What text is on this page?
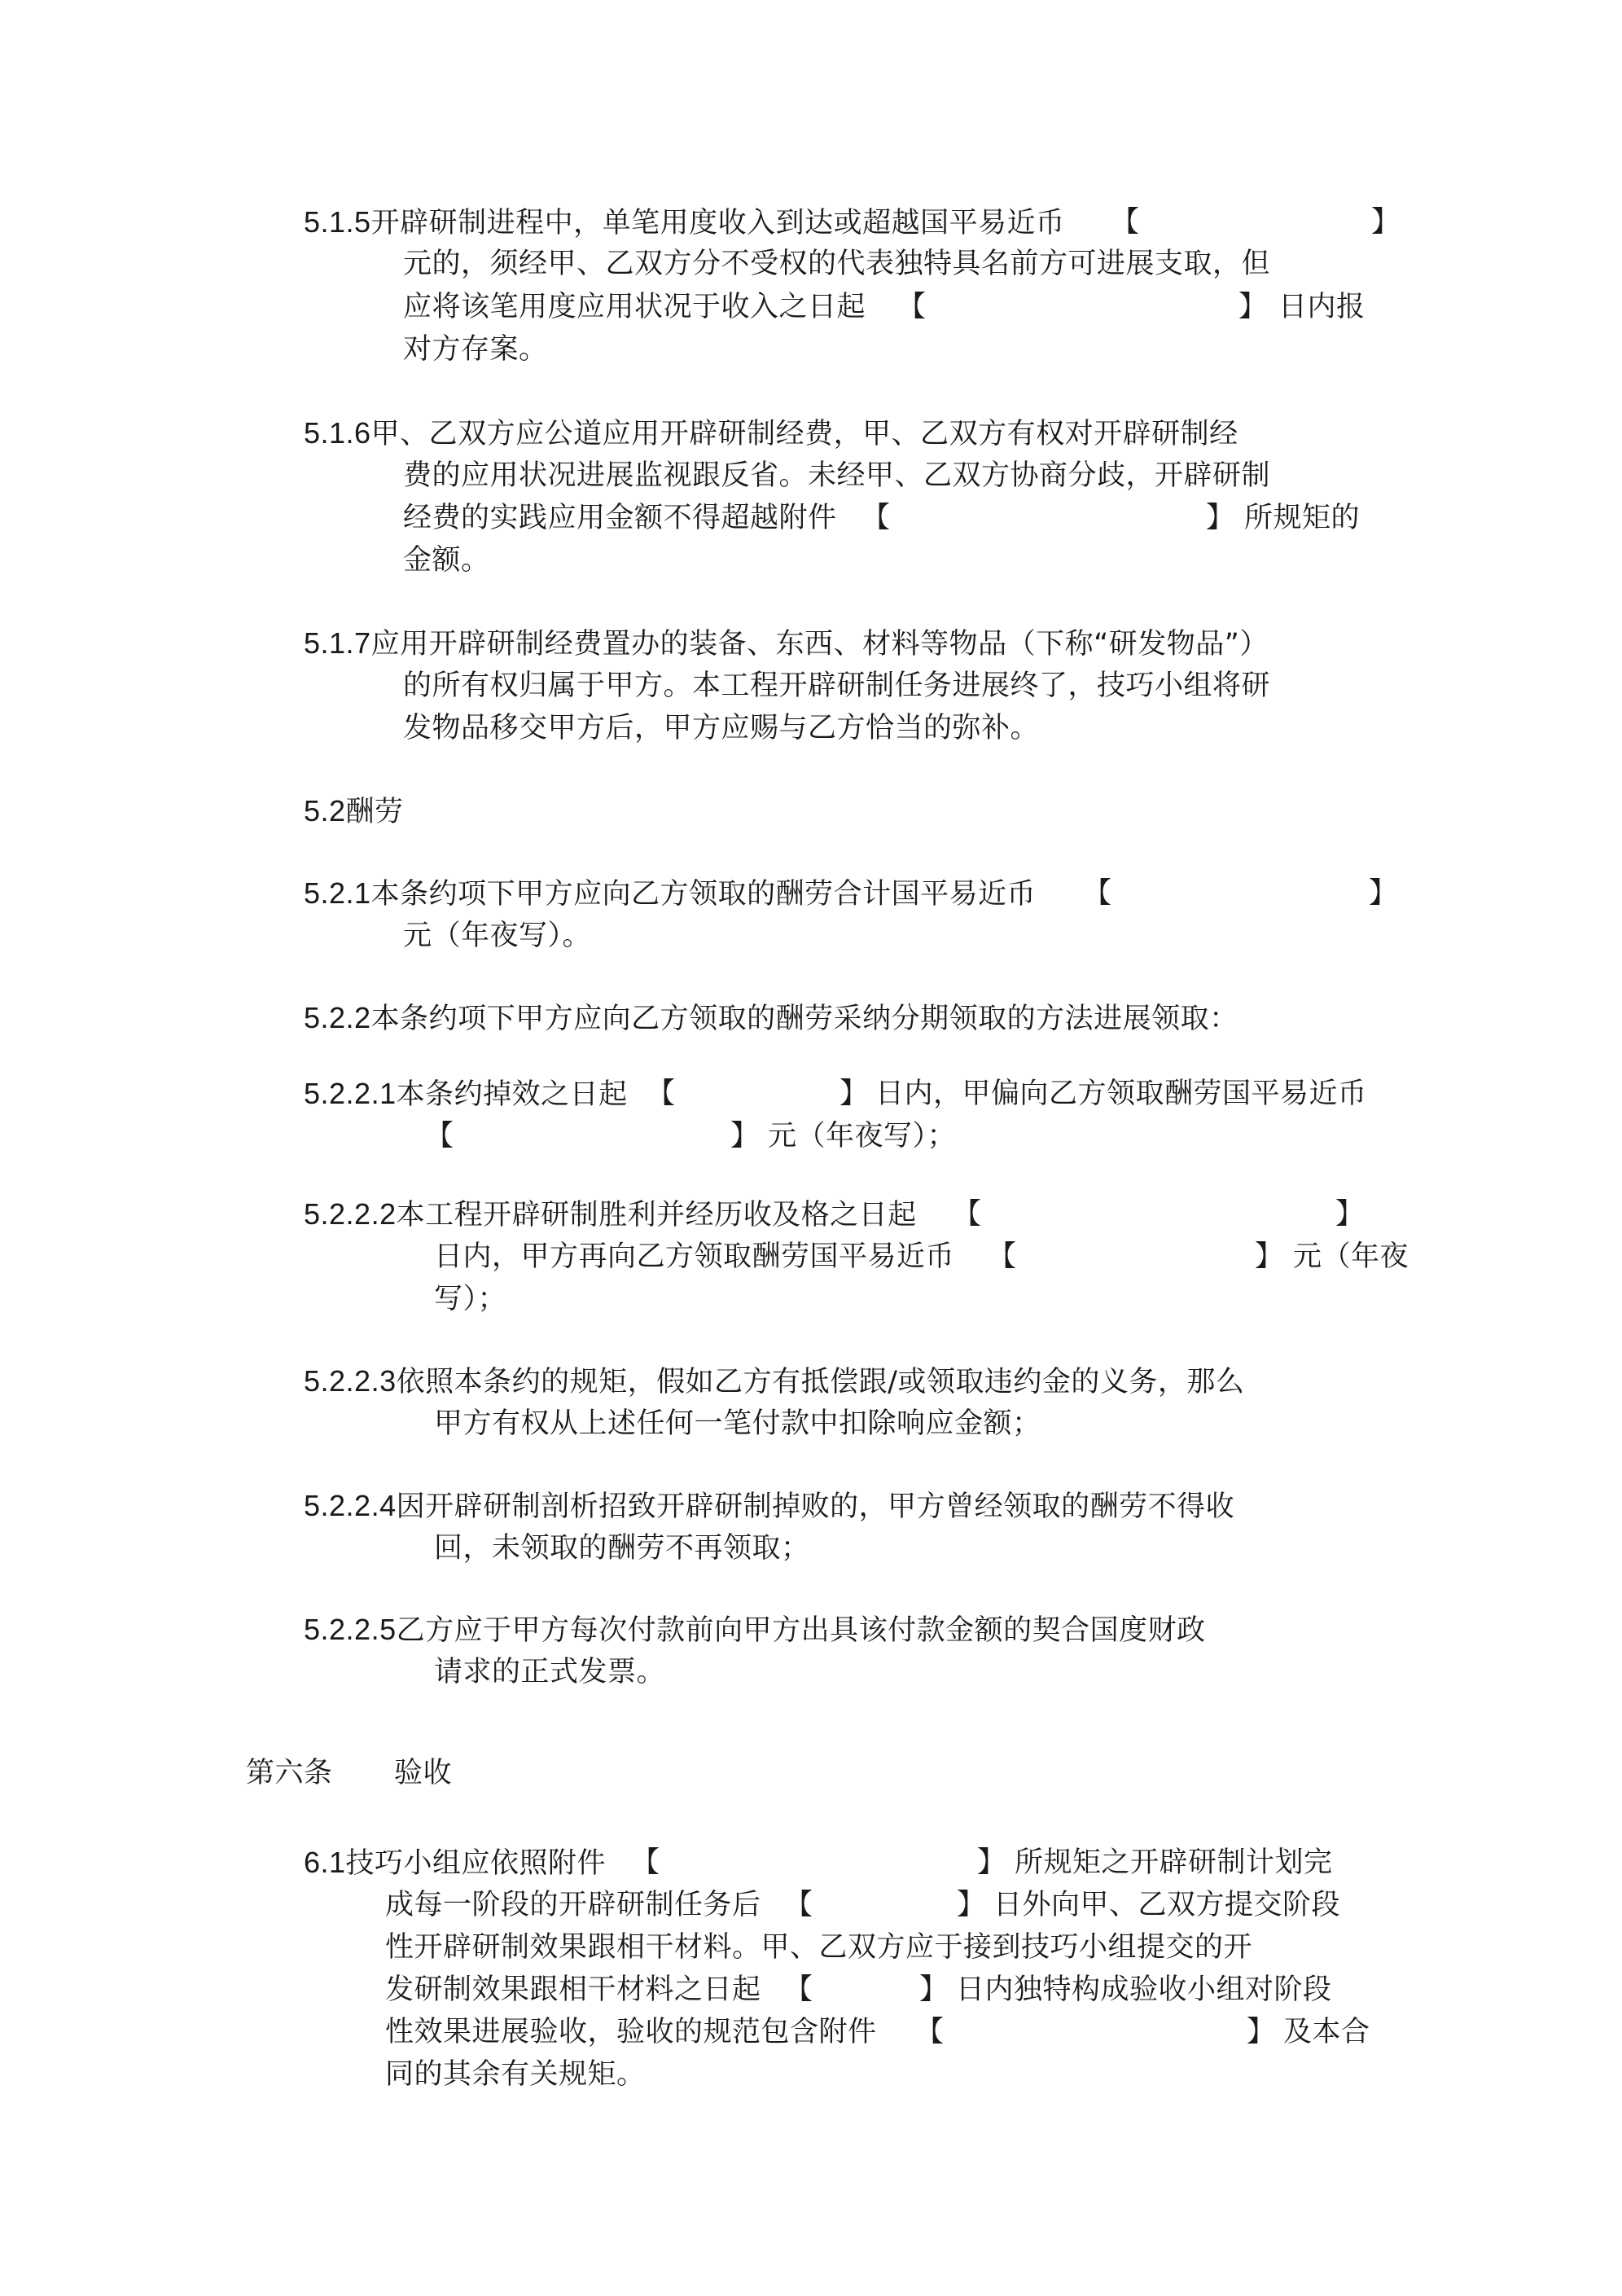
5.1.5开辟研制进程中，单笔用度收入到达或超越国平易近币 【	】
元的，须经甲、乙双方分不受权的代表独特具名前方可进展支取，但
应将该笔用度应用状况于收入之日起 【	】 日内报
对方存案。
5.1.6甲、乙双方应公道应用开辟研制经费，甲、乙双方有权对开辟研制经
费的应用状况进展监视跟反省。未经甲、乙双方协商分歧，开辟研制
经费的实践应用金额不得超越附件 【	】 所规矩的
金额。
5.1.7应用开辟研制经费置办的装备、东西、材料等物品（下称“研发物品”）
的所有权归属于甲方。本工程开辟研制任务进展终了，技巧小组将研
发物品移交甲方后，甲方应赐与乙方恰当的弥补。
5.2酬劳
5.2.1本条约项下甲方应向乙方领取的酬劳合计国平易近币 【	】
元（年夜写）。
5.2.2本条约项下甲方应向乙方领取的酬劳采纳分期领取的方法进展领取：
5.2.2.1本条约掉效之日起 【	】 日内，甲偏向乙方领取酬劳国平易近币
【	】 元（年夜写）；
5.2.2.2本工程开辟研制胜利并经历收及格之日起 【	】
日内，甲方再向乙方领取酬劳国平易近币 【	】 元（年夜
写）；
5.2.2.3依照本条约的规矩，假如乙方有抵偿跟/或领取违约金的义务，那么
甲方有权从上述任何一笔付款中扣除响应金额；
5.2.2.4因开辟研制剖析招致开辟研制掉败的，甲方曾经领取的酬劳不得收
回，未领取的酬劳不再领取；
5.2.2.5乙方应于甲方每次付款前向甲方出具该付款金额的契合国度财政
请求的正式发票。
第六条 验收
6.1技巧小组应依照附件 【	】 所规矩之开辟研制计划完
成每一阶段的开辟研制任务后 【	】 日外向甲、乙双方提交阶段
性开辟研制效果跟相干材料。甲、乙双方应于接到技巧小组提交的开
发研制效果跟相干材料之日起 【	】 日内独特构成验收小组对阶段
性效果进展验收，验收的规范包含附件 【	】 及本合
同的其余有关规矩。
